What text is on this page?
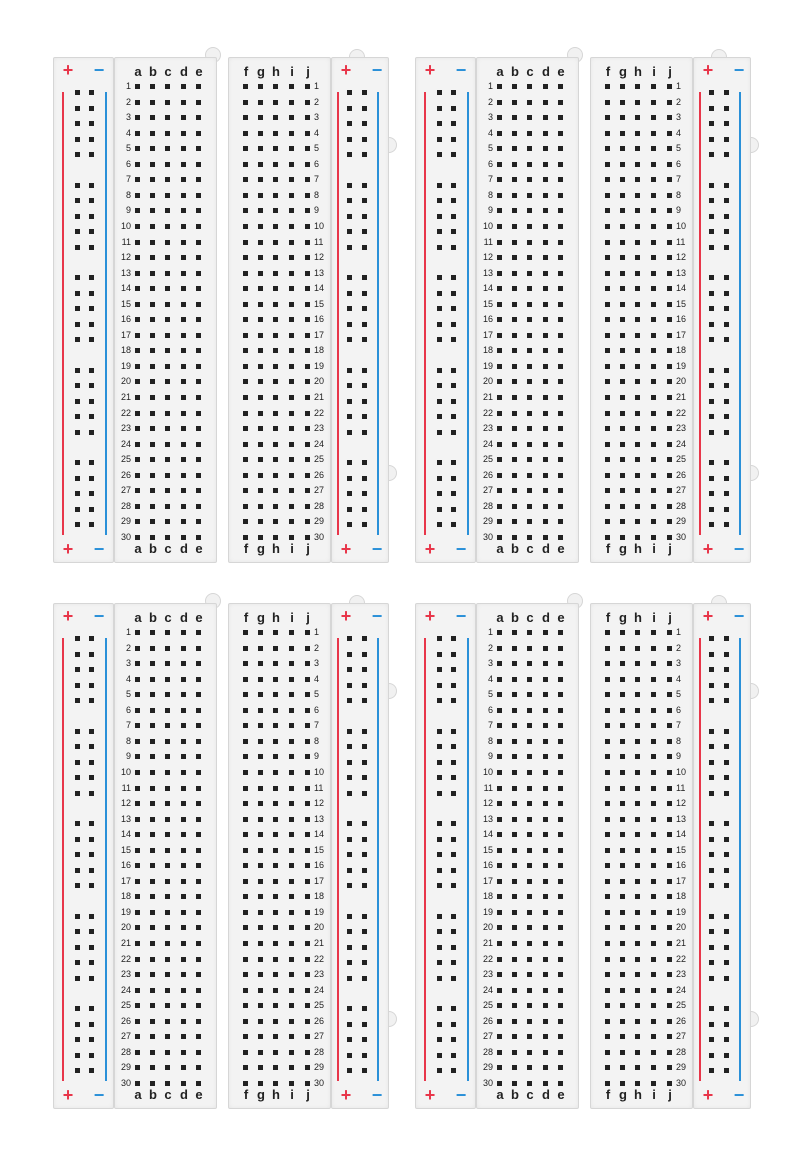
+
+
−
−
+
+
−
−
a
a
b
b
c
c
d
d
e
e
f
f
g
g
h
h
i
i
j
j
1	1
2	2
3	3
4	4
5	5
6	6
7	7
8	8
9	9
10	10
11	11
12	12
13	13
14	14
15	15
16	16
17	17
18	18
19	19
20	20
21	21
22	22
23	23
24	24
25	25
26	26
27	27
28	28
29	29
30	30
+
+
−
−
+
+
−
−
a
a
b
b
c
c
d
d
e
e
f
f
g
g
h
h
i
i
j
j
1	1
2	2
3	3
4	4
5	5
6	6
7	7
8	8
9	9
10	10
11	11
12	12
13	13
14	14
15	15
16	16
17	17
18	18
19	19
20	20
21	21
22	22
23	23
24	24
25	25
26	26
27	27
28	28
29	29
30	30
+
+
−
−
+
+
−
−
a
a
b
b
c
c
d
d
e
e
f
f
g
g
h
h
i
i
j
j
1	1
2	2
3	3
4	4
5	5
6	6
7	7
8	8
9	9
10	10
11	11
12	12
13	13
14	14
15	15
16	16
17	17
18	18
19	19
20	20
21	21
22	22
23	23
24	24
25	25
26	26
27	27
28	28
29	29
30	30
+
+
−
−
+
+
−
−
a
a
b
b
c
c
d
d
e
e
f
f
g
g
h
h
i
i
j
j
1	1
2	2
3	3
4	4
5	5
6	6
7	7
8	8
9	9
10	10
11	11
12	12
13	13
14	14
15	15
16	16
17	17
18	18
19	19
20	20
21	21
22	22
23	23
24	24
25	25
26	26
27	27
28	28
29	29
30	30
